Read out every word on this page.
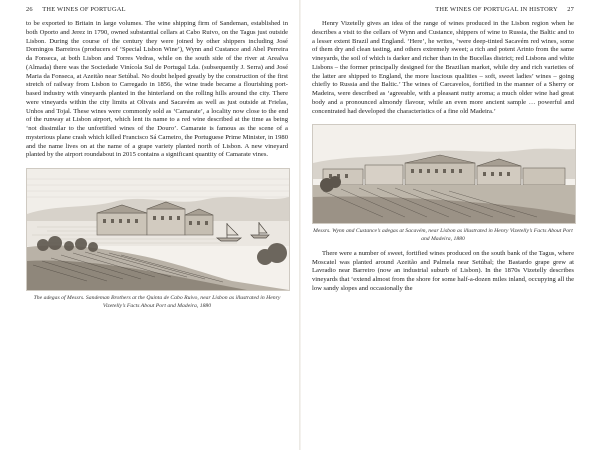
26 THE WINES OF PORTUGAL

to be exported to Britain in large volumes. The wine shipping firm of Sandeman, established in both Oporto and Jerez in 1790, owned substantial cellars at Cabo Ruivo, on the Tagus just outside Lisbon. During the course of the century they were joined by other shippers including José Domingos Barreiros (producers of ‘Special Lisbon Wine’), Wynn and Custance and Abel Perreira da Fonseca, at both Lisbon and Torres Vedras, while on the south side of the river at Arealva (Almada) there was the Sociedade Vinícola Sul de Portugal Lda. (subsequently J. Serra) and José Maria da Fonseca, at Azeitão near Setúbal. No doubt helped greatly by the construction of the first stretch of railway from Lisbon to Carregado in 1856, the wine trade became a flourishing port-based industry with vineyards planted in the hinterland on the rolling hills around the city. There were vineyards within the city limits at Olivais and Sacavém as well as just outside at Frielas, Unhos and Tojal. These wines were commonly sold as ‘Camarate’, a locality now close to the end of the runway at Lisbon airport, which lent its name to a red wine described at the time as being ‘not dissimilar to the unfortified wines of the Douro’. Camarate is famous as the scene of a mysterious plane crash which killed Francisco Sá Carneiro, the Portuguese Prime Minister, in 1980 and the name lives on at the name of a grape variety planted north of Lisbon. A new vineyard planted by the airport roundabout in 2015 contains a significant quantity of Camarate vines.

The adegas of Messrs. Sandeman Brothers at the Quinta de Cabo Ruivo, near Lisbon as illustrated in Henry Vizetelly’s Facts About Port and Madeira, 1880
THE WINES OF PORTUGAL IN HISTORY 27

Henry Vizetelly gives an idea of the range of wines produced in the Lisbon region when he describes a visit to the cellars of Wynn and Custance, shippers of wine to Russia, the Baltic and to a lesser extent Brazil and England. ‘Here’, he writes, ‘were deep-tinted Sacavém red wines, some of them dry and clean tasting, and others extremely sweet; a rich and potent Arinto from the same vineyards, the soil of which is darker and richer than in the Bucellas district; red Lisbons and white Lisbons – the former principally designed for the Brazilian market, while dry and rich varieties of the latter are shipped to England, the more luscious qualities – soft, sweet ladies’ wines – going chiefly to Russia and the Baltic.’ The wines of Carcavelos, fortified in the manner of a Sherry or Madeira, were described as ‘agreeable, with a pleasant nutty aroma; a much older wine had great body and a pronounced almondy flavour, while an even more ancient sample … powerful and concentrated had developed the characteristics of a fine old Madeira.’

Messrs. Wynn and Custance’s adegas at Sacavém, near Lisbon as illustrated in Henry Vizetelly’s Facts About Port and Madeira, 1880

There were a number of sweet, fortified wines produced on the south bank of the Tagus, where Moscatel was planted around Azeitão and Palmela near Setúbal; the Bastardo grape grew at Lavradio near Barreiro (now an industrial suburb of Lisbon). In the 1870s Vizetelly describes vineyards that ‘extend almost from the shore for some half-a-dozen miles inland, occupying all the low sandy slopes and occasionally the
